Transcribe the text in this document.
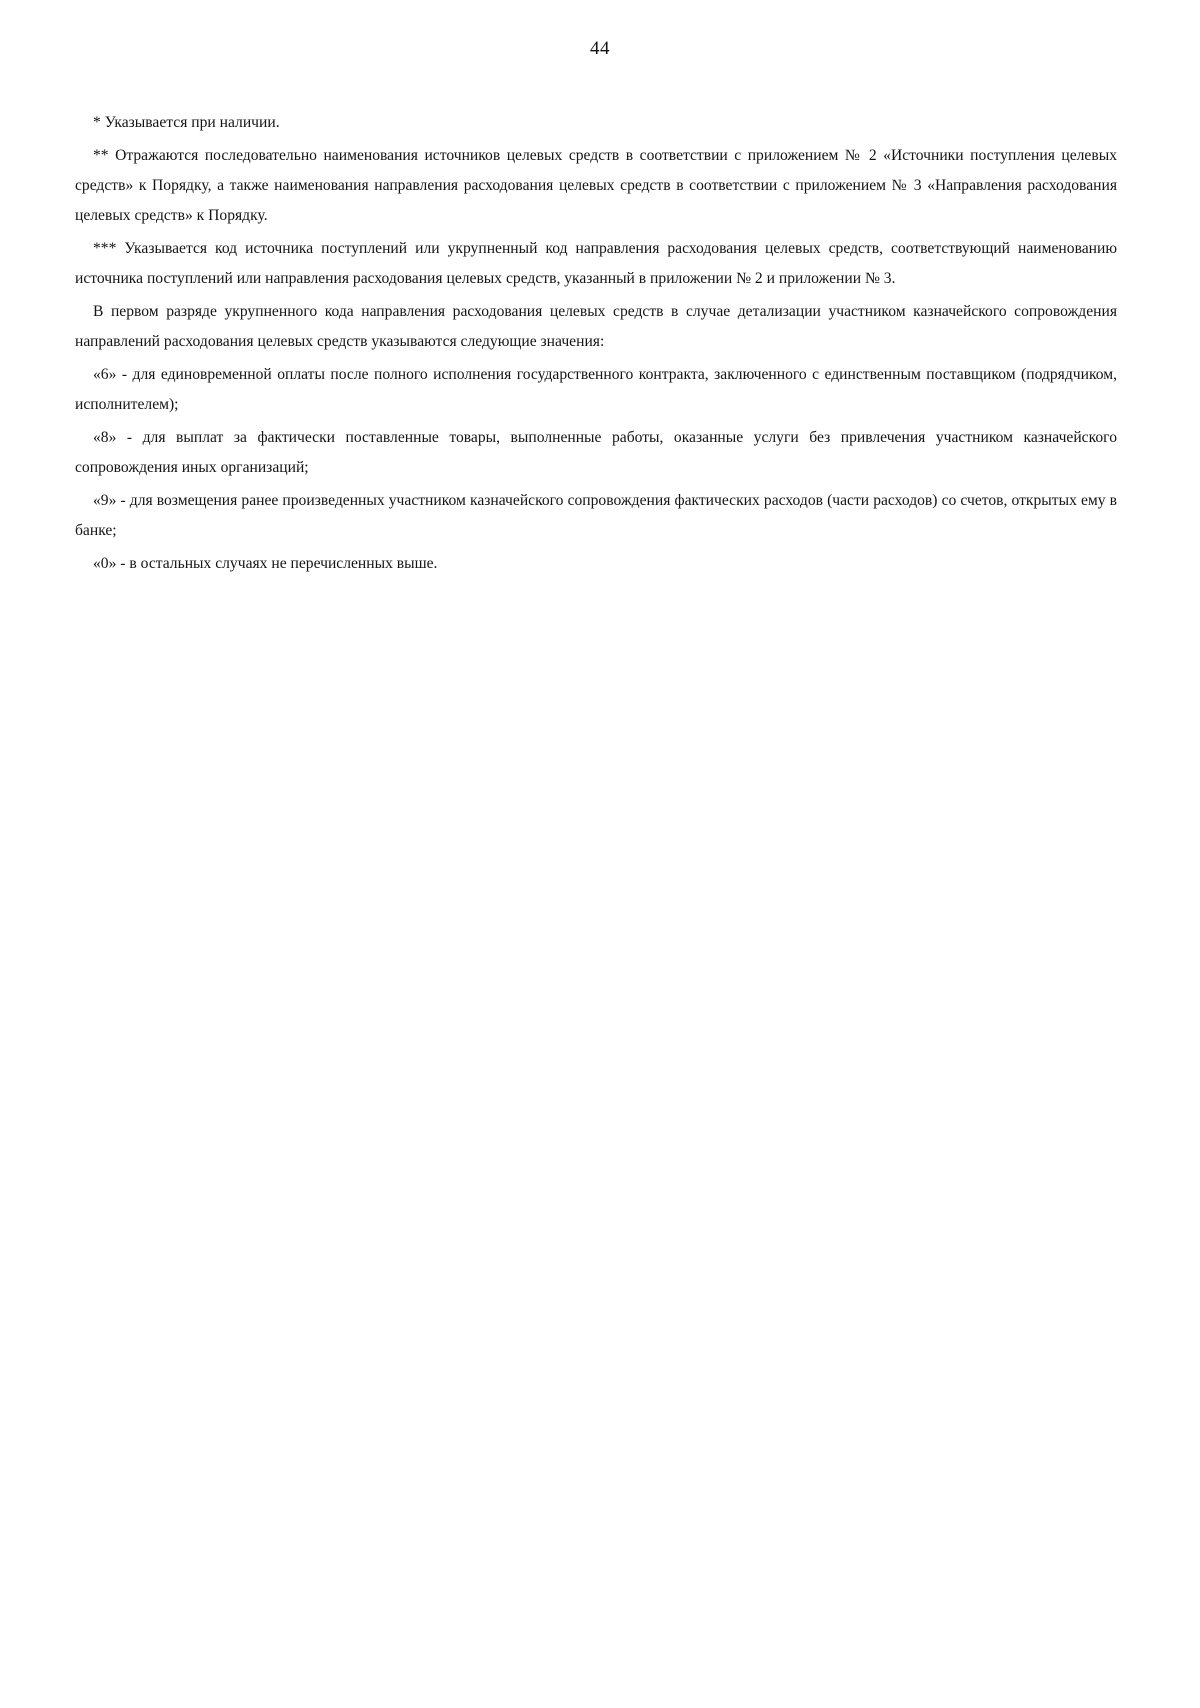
44

* Указывается при наличии.

** Отражаются последовательно наименования источников целевых средств в соответствии с приложением № 2 «Источники поступления целевых средств» к Порядку, а также наименования направления расходования целевых средств в соответствии с приложением № 3 «Направления расходования целевых средств» к Порядку.

*** Указывается код источника поступлений или укрупненный код направления расходования целевых средств, соответствующий наименованию источника поступлений или направления расходования целевых средств, указанный в приложении № 2 и приложении № 3.

В первом разряде укрупненного кода направления расходования целевых средств в случае детализации участником казначейского сопровождения направлений расходования целевых средств указываются следующие значения:

«6» - для единовременной оплаты после полного исполнения государственного контракта, заключенного с единственным поставщиком (подрядчиком, исполнителем);

«8» - для выплат за фактически поставленные товары, выполненные работы, оказанные услуги без привлечения участником казначейского сопровождения иных организаций;

«9» - для возмещения ранее произведенных участником казначейского сопровождения фактических расходов (части расходов) со счетов, открытых ему в банке;

«0» - в остальных случаях не перечисленных выше.
